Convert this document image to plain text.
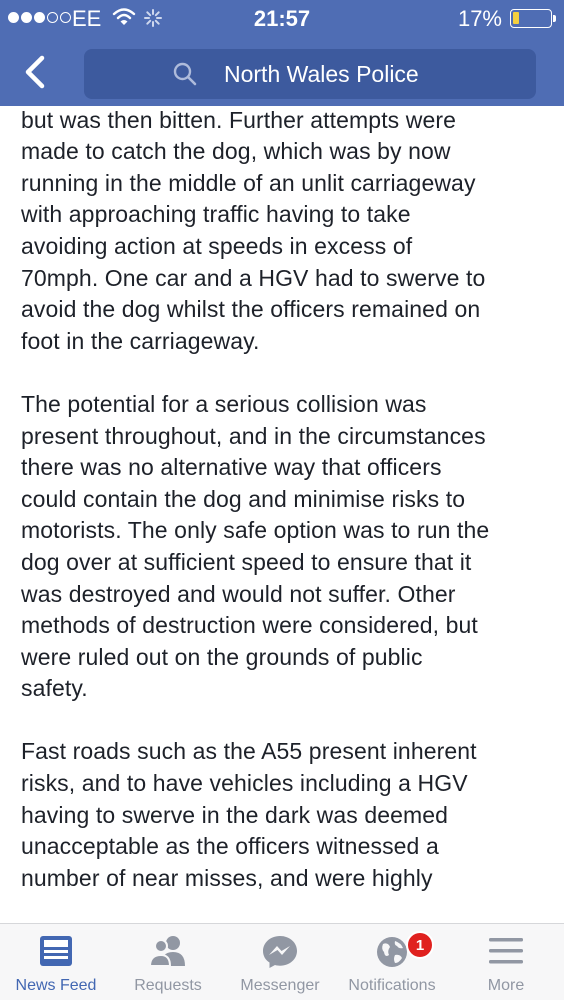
EE	21:57	17%
North Wales Police
but was then bitten. Further attempts were
made to catch the dog, which was by now
running in the middle of an unlit carriageway
with approaching traffic having to take
avoiding action at speeds in excess of
70mph. One car and a HGV had to swerve to
avoid the dog whilst the officers remained on
foot in the carriageway.
The potential for a serious collision was
present throughout, and in the circumstances
there was no alternative way that officers
could contain the dog and minimise risks to
motorists. The only safe option was to run the
dog over at sufficient speed to ensure that it
was destroyed and would not suffer. Other
methods of destruction were considered, but
were ruled out on the grounds of public
safety.
Fast roads such as the A55 present inherent
risks, and to have vehicles including a HGV
having to swerve in the dark was deemed
unacceptable as the officers witnessed a
number of near misses, and were highly
News Feed	Requests	Messenger
1
Notifications	More
